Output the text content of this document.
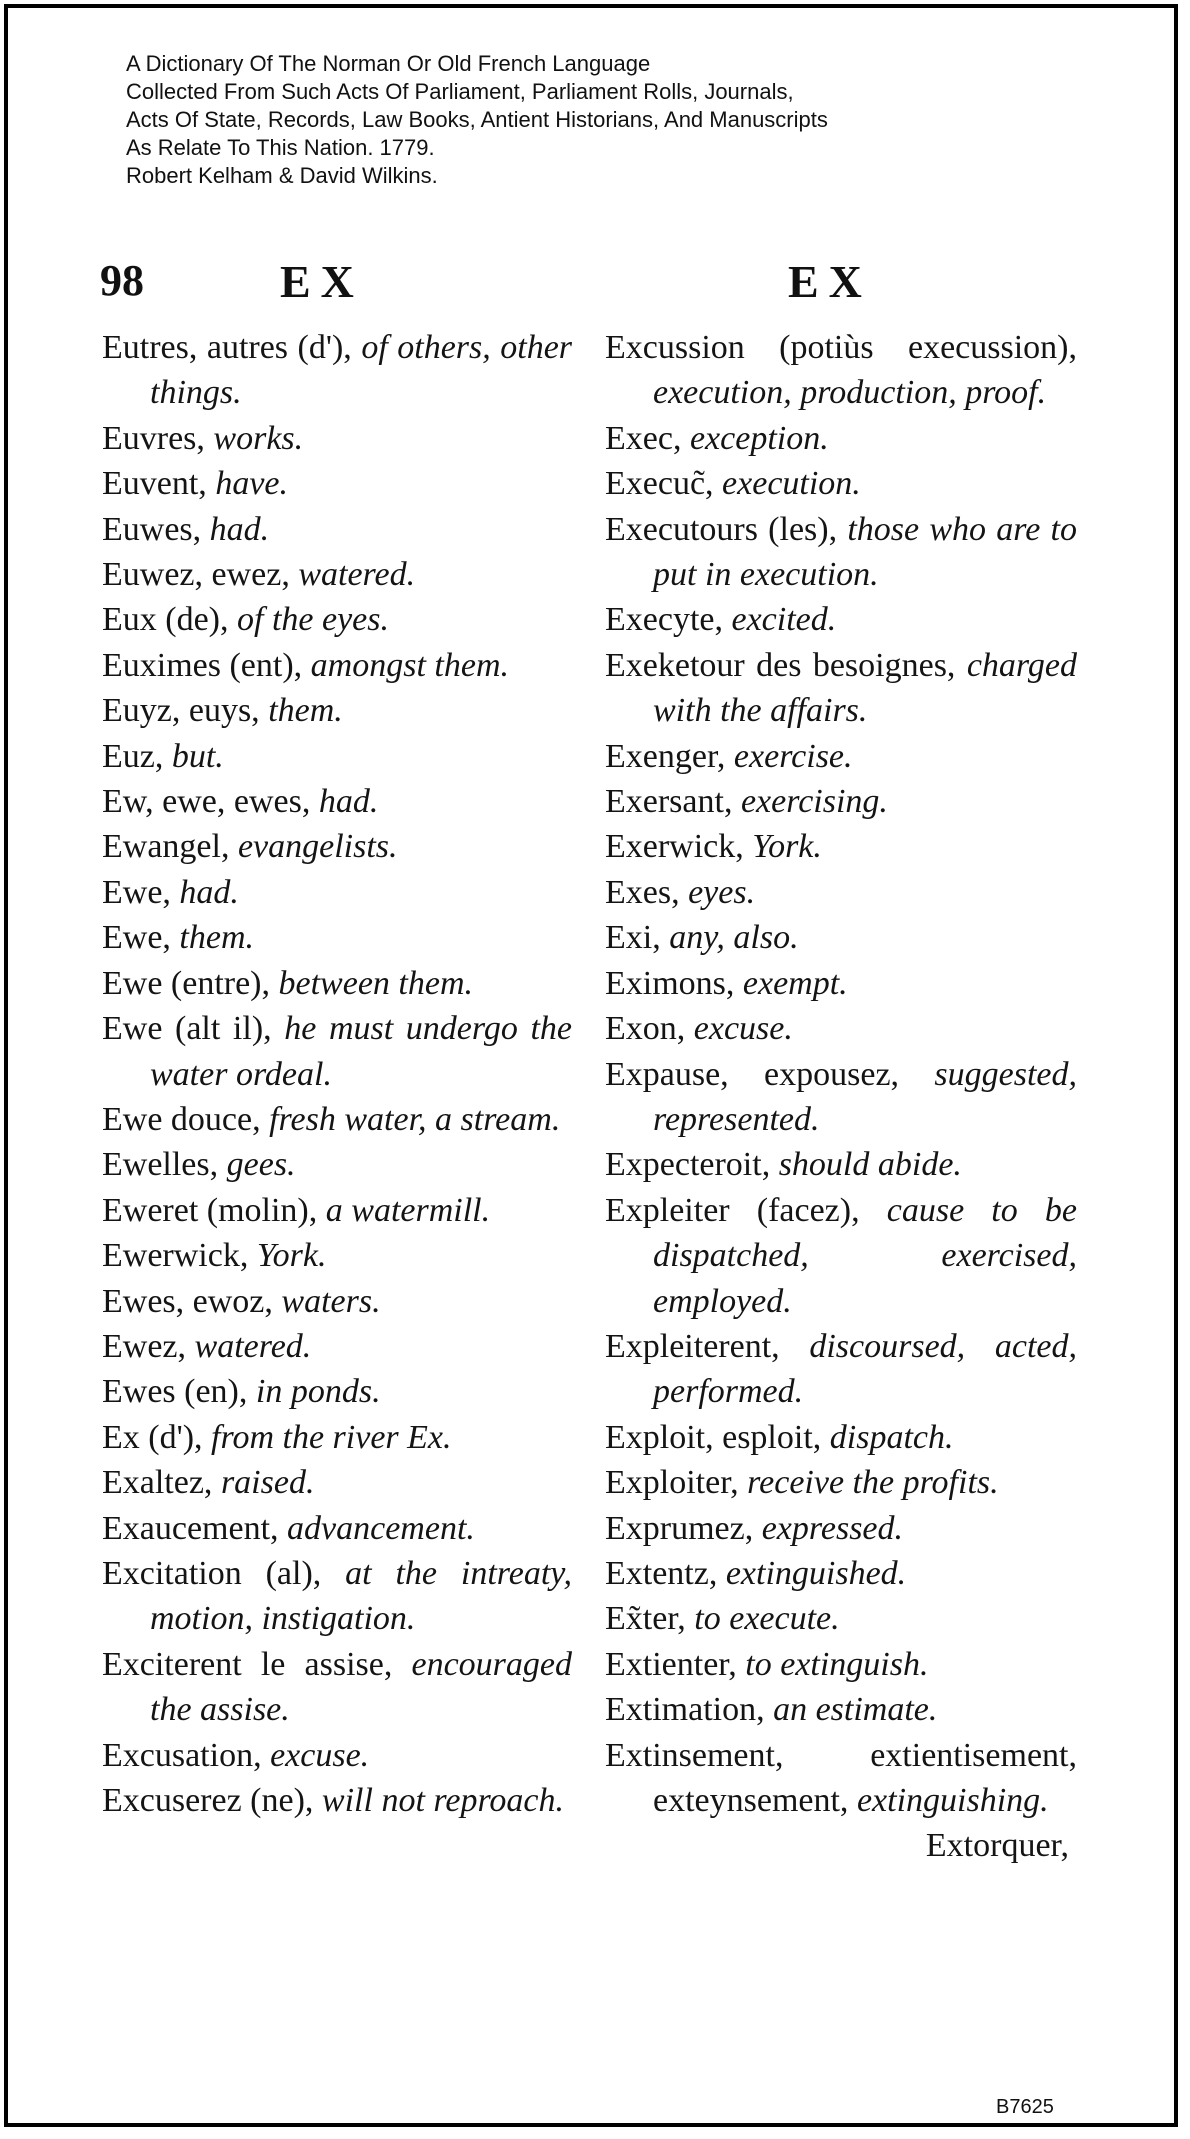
A Dictionary Of The Norman Or Old French Language
Collected From Such Acts Of Parliament, Parliament Rolls, Journals,
Acts Of State, Records, Law Books, Antient Historians, And Manuscripts
As Relate To This Nation. 1779.
Robert Kelham & David Wilkins.
98	EX	EX
Eutres, autres (d'), of others, other things.
Euvres, works.
Euvent, have.
Euwes, had.
Euwez, ewez, watered.
Eux (de), of the eyes.
Euximes (ent), amongst them.
Euyz, euys, them.
Euz, but.
Ew, ewe, ewes, had.
Ewangel, evangelists.
Ewe, had.
Ewe, them.
Ewe (entre), between them.
Ewe (alt il), he must undergo the water ordeal.
Ewe douce, fresh water, a stream.
Ewelles, gees.
Eweret (molin), a watermill.
Ewerwick, York.
Ewes, ewoz, waters.
Ewez, watered.
Ewes (en), in ponds.
Ex (d'), from the river Ex.
Exaltez, raised.
Exaucement, advancement.
Excitation (al), at the intreaty, motion, instigation.
Exciterent le assise, encouraged the assise.
Excusation, excuse.
Excuserez (ne), will not reproach.
Excussion (potiùs execussion), execution, production, proof.
Exec, exception.
Execuc̃, execution.
Executours (les), those who are to put in execution.
Execyte, excited.
Exeketour des besoignes, charged with the affairs.
Exenger, exercise.
Exersant, exercising.
Exerwick, York.
Exes, eyes.
Exi, any, also.
Eximons, exempt.
Exon, excuse.
Expause, expousez, suggested, represented.
Expecteroit, should abide.
Expleiter (facez), cause to be dispatched, exercised, employed.
Expleiterent, discoursed, acted, performed.
Exploit, esploit, dispatch.
Exploiter, receive the profits.
Exprumez, expressed.
Extentz, extinguished.
Ex̃ter, to execute.
Extienter, to extinguish.
Extimation, an estimate.
Extinsement, extientisement, exteynsement, extinguishing.
Extorquer,
B7625
